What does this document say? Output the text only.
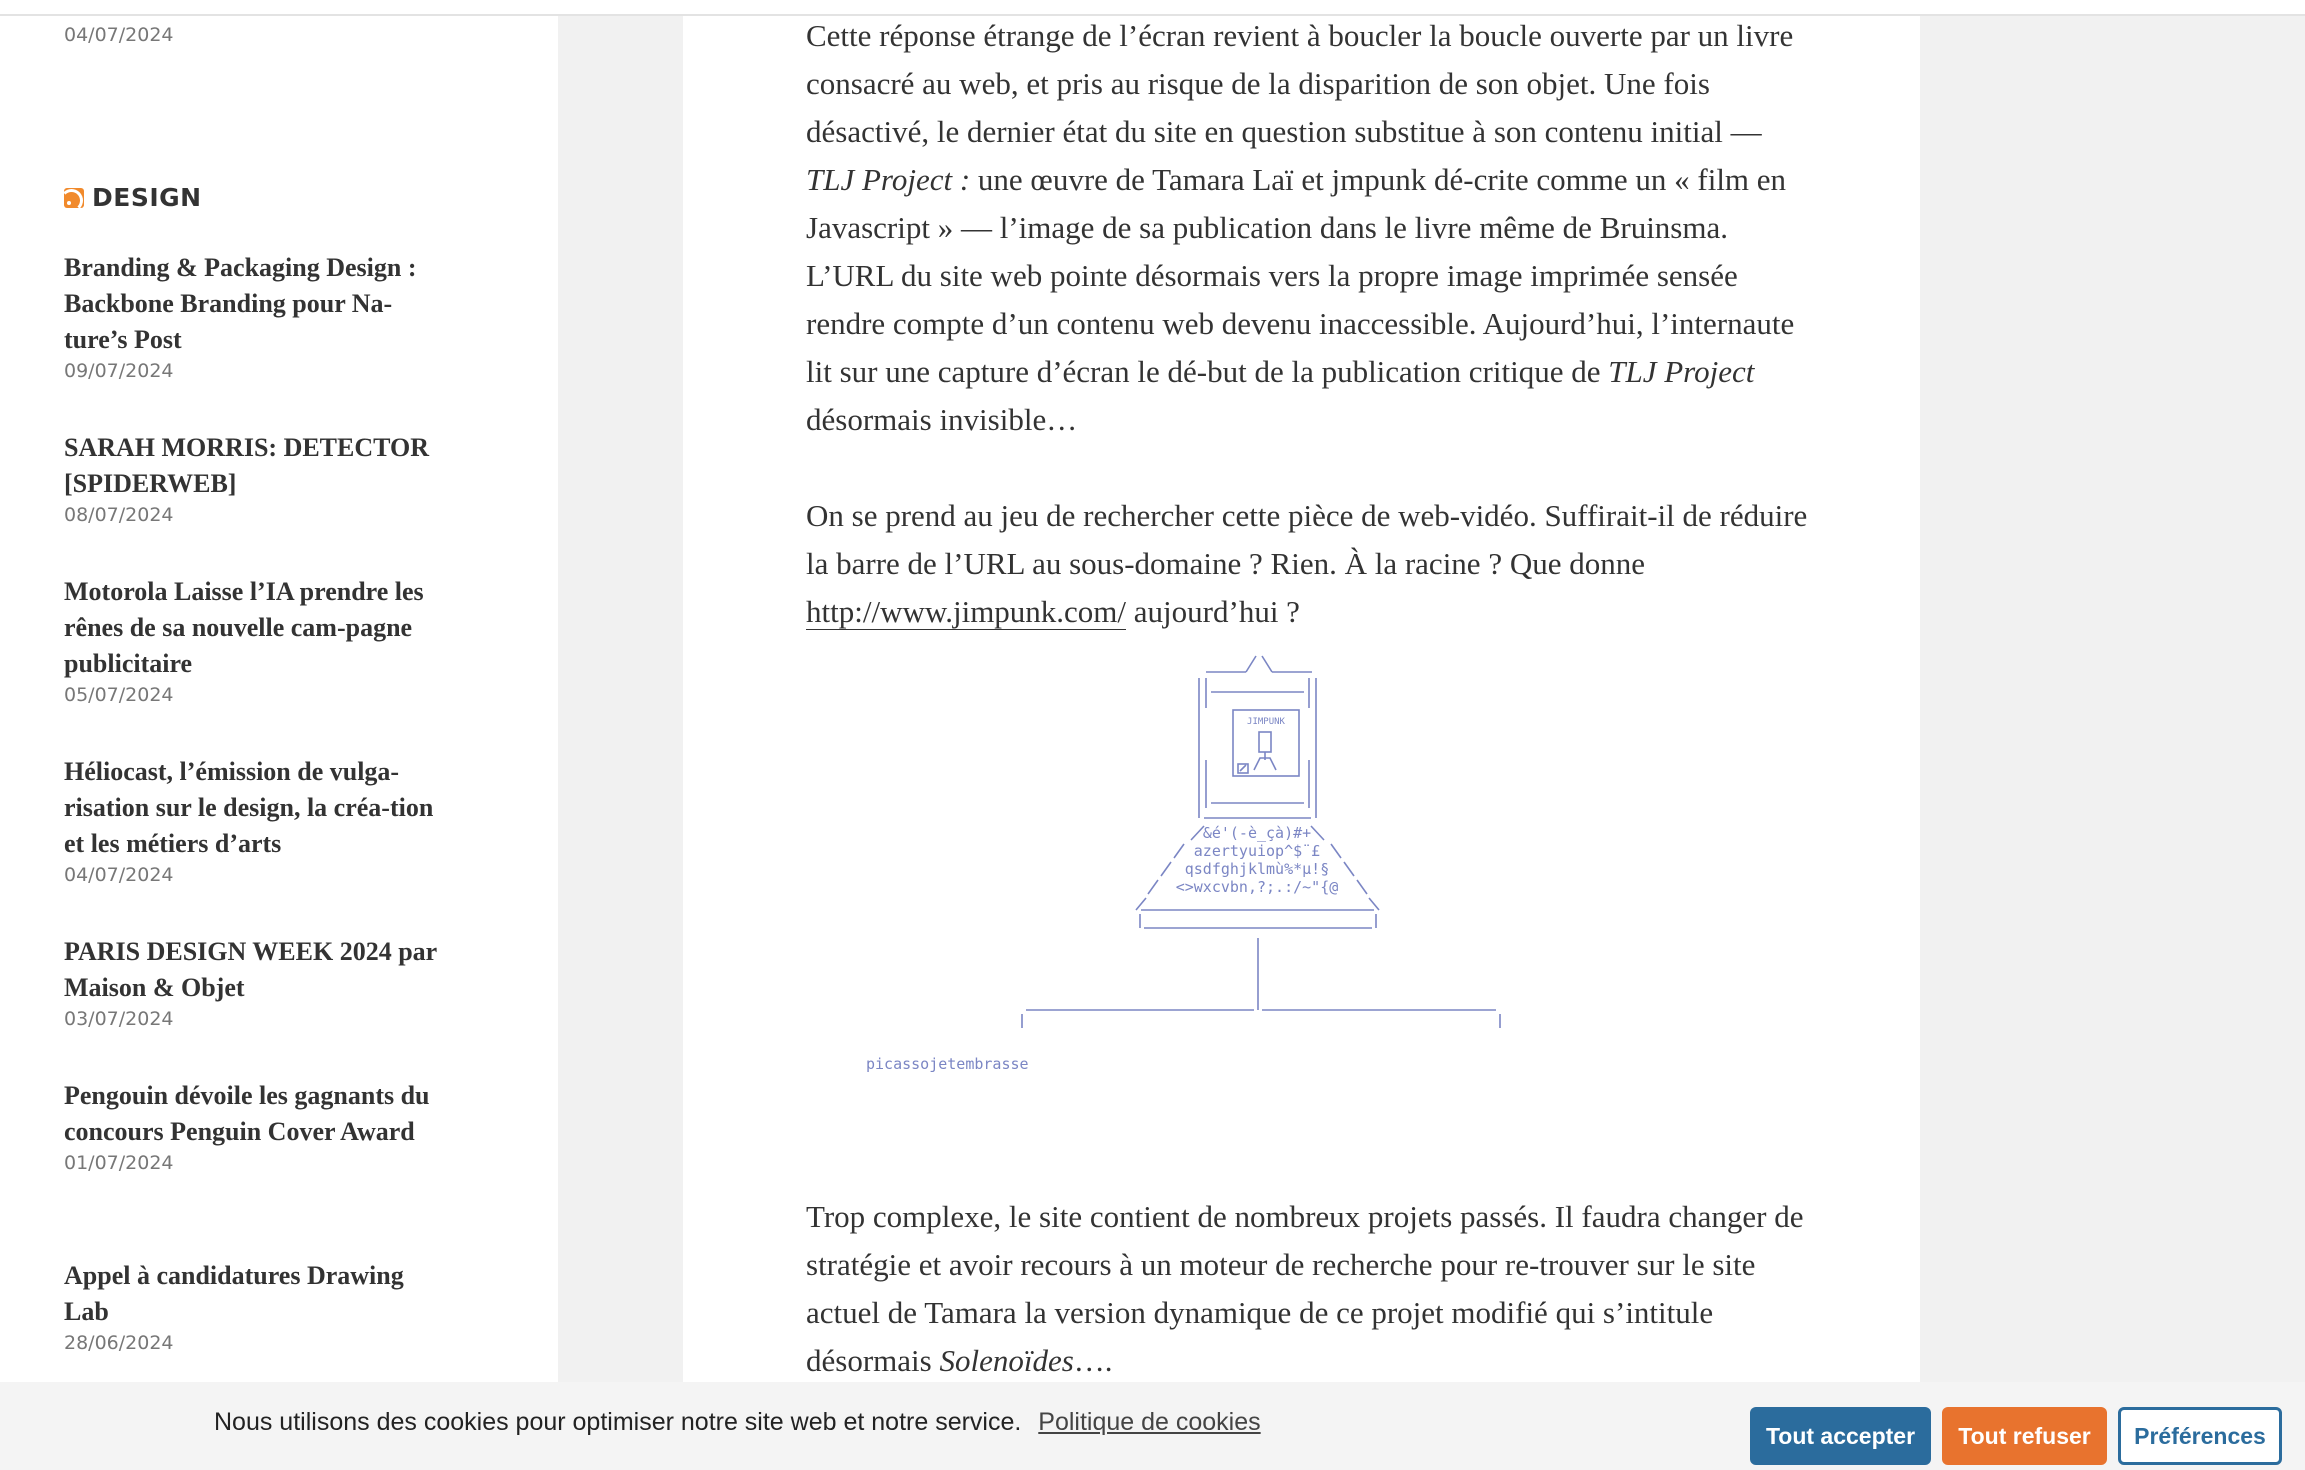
04/07/2024
DESIGN
Branding & Packaging Design : Backbone Branding pour Na-ture’s Post
09/07/2024
SARAH MORRIS: DETECTOR [SPIDERWEB]
08/07/2024
Motorola Laisse l’IA prendre les rênes de sa nouvelle cam-pagne publicitaire
05/07/2024
Héliocast, l’émission de vulga-risation sur le design, la créa-tion et les métiers d’arts
04/07/2024
PARIS DESIGN WEEK 2024 par Maison & Objet
03/07/2024
Pengouin dévoile les gagnants du concours Penguin Cover Award
01/07/2024
Appel à candidatures Drawing Lab
28/06/2024

Cette réponse étrange de l’écran revient à boucler la boucle ouverte par un livre consacré au web, et pris au risque de la disparition de son objet. Une fois désactivé, le dernier état du site en question substitue à son contenu initial — TLJ Project : une œuvre de Tamara Laï et jmpunk dé-crite comme un « film en Javascript » — l’image de sa publication dans le livre même de Bruinsma. L’URL du site web pointe désormais vers la propre image imprimée sensée rendre compte d’un contenu web devenu inaccessible. Aujourd’hui, l’internaute lit sur une capture d’écran le dé-but de la publication critique de TLJ Project désormais invisible…

On se prend au jeu de rechercher cette pièce de web-vidéo. Suffirait-il de réduire la barre de l’URL au sous-domaine ? Rien. À la racine ? Que donne http://www.jimpunk.com/ aujourd’hui ?

JIMPUNK
&é'(-è_çà)#+
azertyuiop^$¨£
qsdfghjklmù%*µ!§
<>wxcvbn,?;.:/~"{@
picassojetembrasse

Trop complexe, le site contient de nombreux projets passés. Il faudra changer de stratégie et avoir recours à un moteur de recherche pour re-trouver sur le site actuel de Tamara la version dynamique de ce projet modifié qui s’intitule désormais Solenoïdes….

Nous utilisons des cookies pour optimiser notre site web et notre service. Politique de cookies	Tout accepter	Tout refuser	Préférences
